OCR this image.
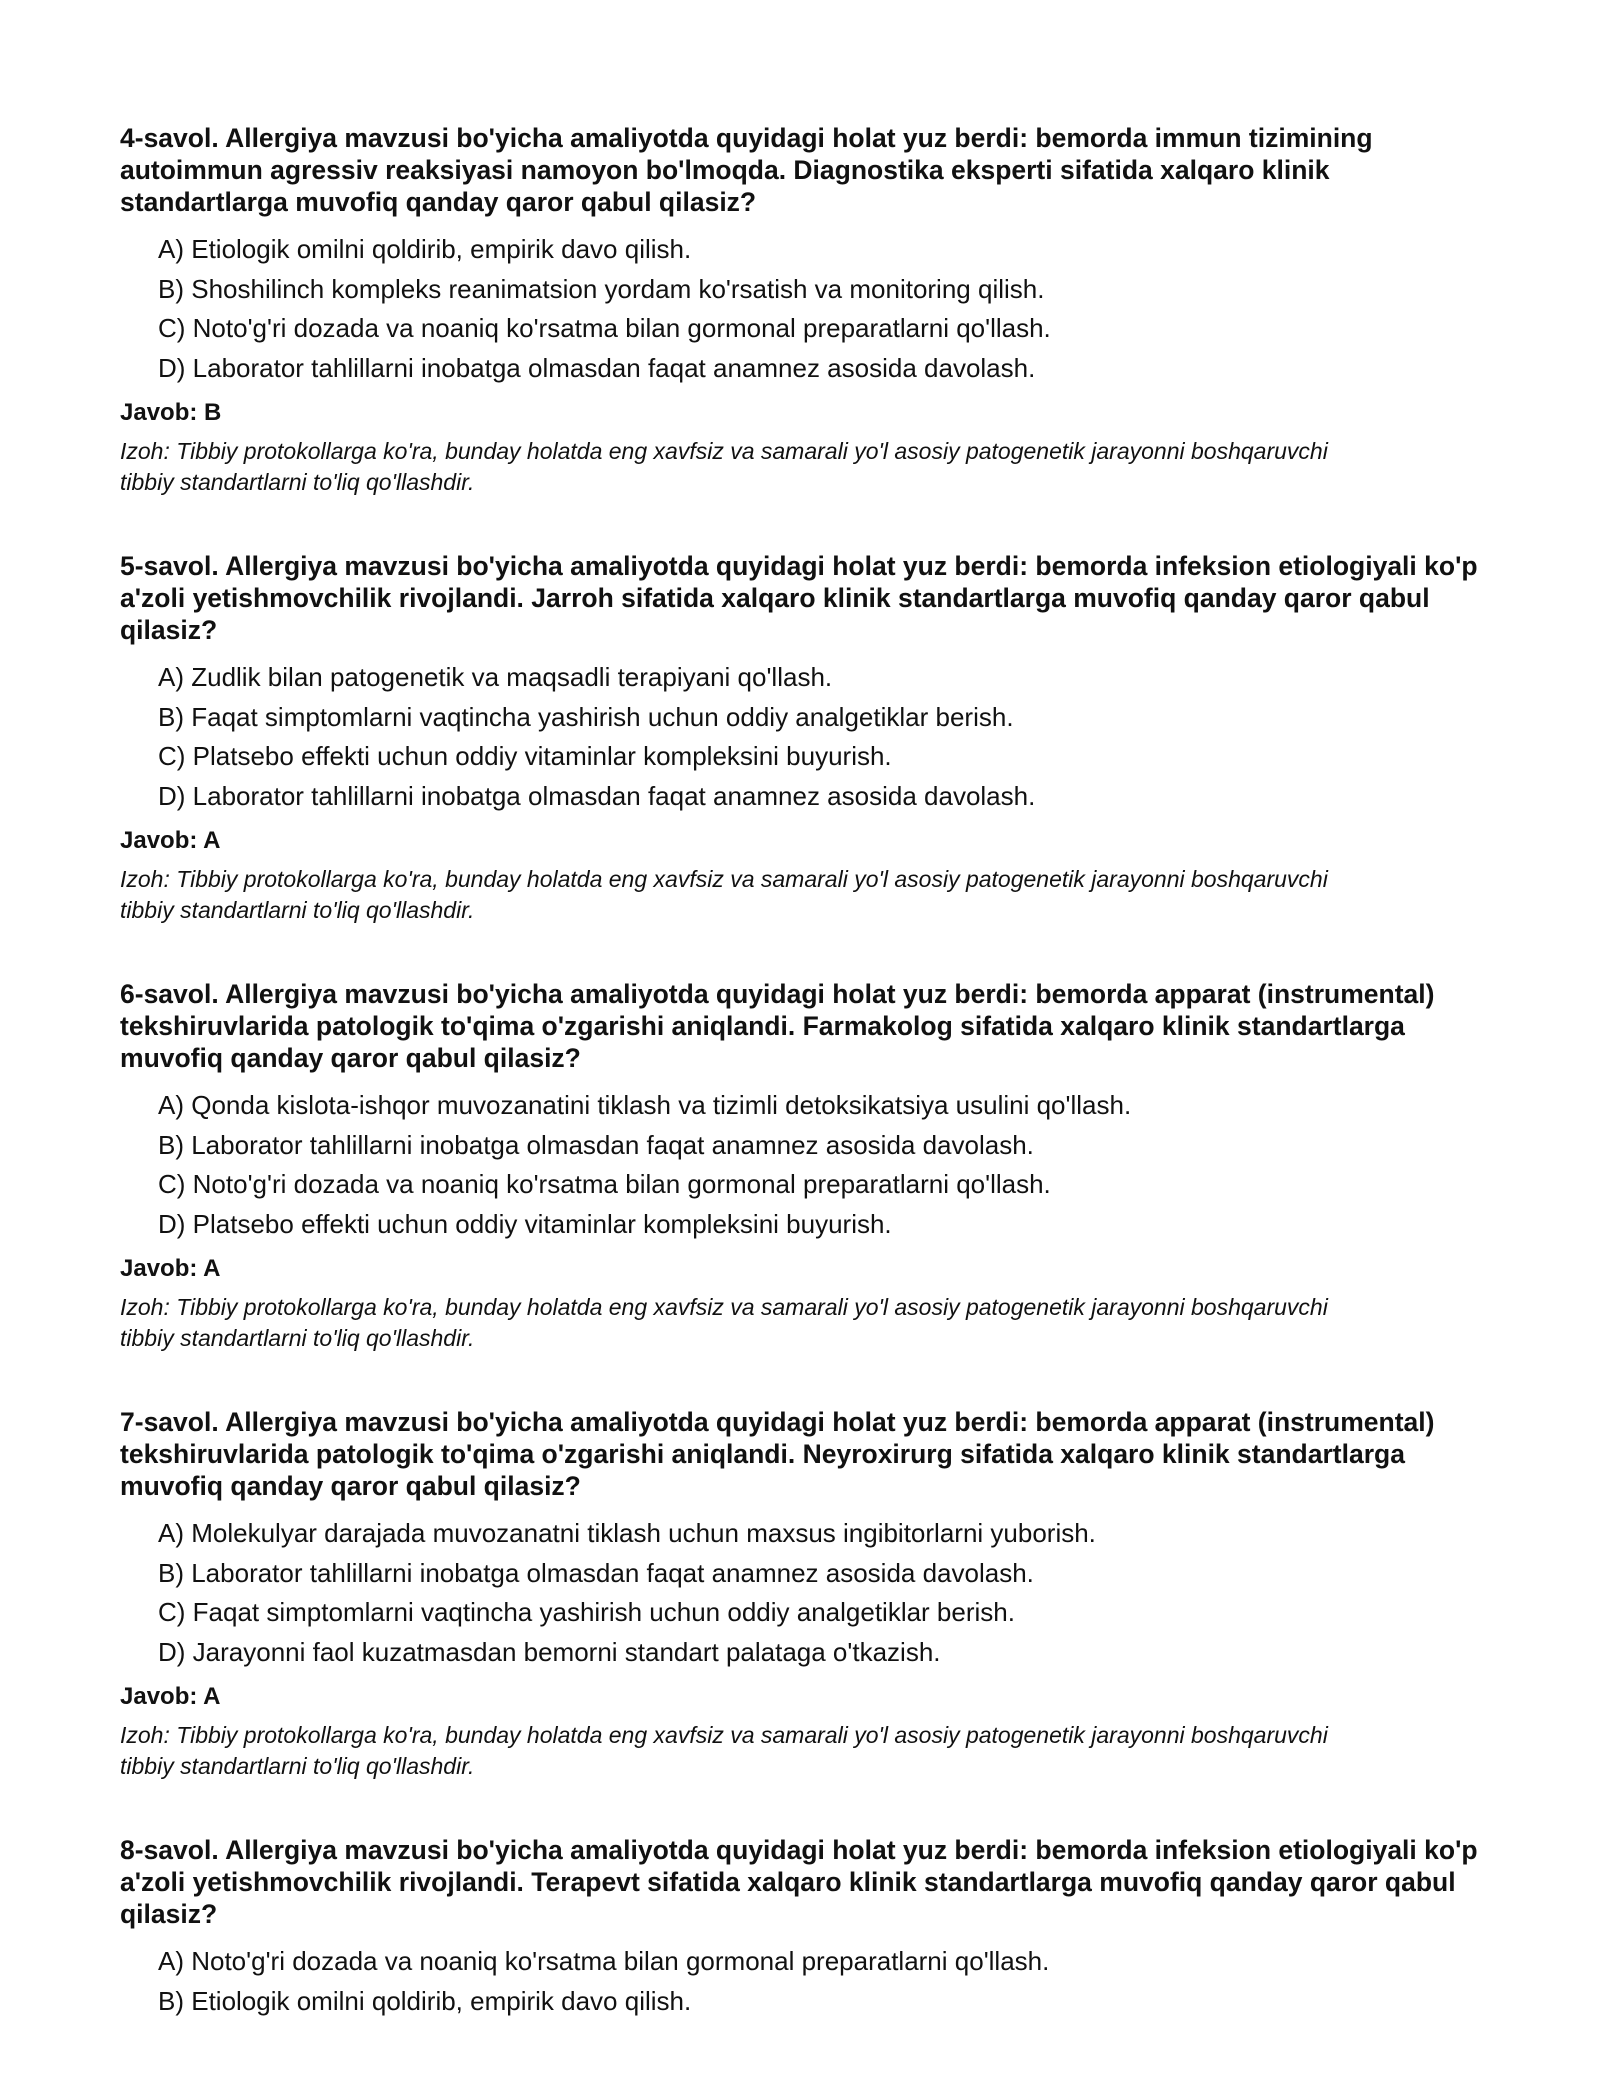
4-savol. Allergiya mavzusi bo'yicha amaliyotda quyidagi holat yuz berdi: bemorda immun tizimining autoimmun agressiv reaksiyasi namoyon bo'lmoqda. Diagnostika eksperti sifatida xalqaro klinik standartlarga muvofiq qanday qaror qabul qilasiz?
A) Etiologik omilni qoldirib, empirik davo qilish.
B) Shoshilinch kompleks reanimatsion yordam ko'rsatish va monitoring qilish.
C) Noto'g'ri dozada va noaniq ko'rsatma bilan gormonal preparatlarni qo'llash.
D) Laborator tahlillarni inobatga olmasdan faqat anamnez asosida davolash.
Javob: B
Izoh: Tibbiy protokollarga ko'ra, bunday holatda eng xavfsiz va samarali yo'l asosiy patogenetik jarayonni boshqaruvchi tibbiy standartlarni to'liq qo'llashdir.
5-savol. Allergiya mavzusi bo'yicha amaliyotda quyidagi holat yuz berdi: bemorda infeksion etiologiyali ko'p a'zoli yetishmovchilik rivojlandi. Jarroh sifatida xalqaro klinik standartlarga muvofiq qanday qaror qabul qilasiz?
A) Zudlik bilan patogenetik va maqsadli terapiyani qo'llash.
B) Faqat simptomlarni vaqtincha yashirish uchun oddiy analgetiklar berish.
C) Platsebo effekti uchun oddiy vitaminlar kompleksini buyurish.
D) Laborator tahlillarni inobatga olmasdan faqat anamnez asosida davolash.
Javob: A
Izoh: Tibbiy protokollarga ko'ra, bunday holatda eng xavfsiz va samarali yo'l asosiy patogenetik jarayonni boshqaruvchi tibbiy standartlarni to'liq qo'llashdir.
6-savol. Allergiya mavzusi bo'yicha amaliyotda quyidagi holat yuz berdi: bemorda apparat (instrumental) tekshiruvlarida patologik to'qima o'zgarishi aniqlandi. Farmakolog sifatida xalqaro klinik standartlarga muvofiq qanday qaror qabul qilasiz?
A) Qonda kislota-ishqor muvozanatini tiklash va tizimli detoksikatsiya usulini qo'llash.
B) Laborator tahlillarni inobatga olmasdan faqat anamnez asosida davolash.
C) Noto'g'ri dozada va noaniq ko'rsatma bilan gormonal preparatlarni qo'llash.
D) Platsebo effekti uchun oddiy vitaminlar kompleksini buyurish.
Javob: A
Izoh: Tibbiy protokollarga ko'ra, bunday holatda eng xavfsiz va samarali yo'l asosiy patogenetik jarayonni boshqaruvchi tibbiy standartlarni to'liq qo'llashdir.
7-savol. Allergiya mavzusi bo'yicha amaliyotda quyidagi holat yuz berdi: bemorda apparat (instrumental) tekshiruvlarida patologik to'qima o'zgarishi aniqlandi. Neyroxirurg sifatida xalqaro klinik standartlarga muvofiq qanday qaror qabul qilasiz?
A) Molekulyar darajada muvozanatni tiklash uchun maxsus ingibitorlarni yuborish.
B) Laborator tahlillarni inobatga olmasdan faqat anamnez asosida davolash.
C) Faqat simptomlarni vaqtincha yashirish uchun oddiy analgetiklar berish.
D) Jarayonni faol kuzatmasdan bemorni standart palataga o'tkazish.
Javob: A
Izoh: Tibbiy protokollarga ko'ra, bunday holatda eng xavfsiz va samarali yo'l asosiy patogenetik jarayonni boshqaruvchi tibbiy standartlarni to'liq qo'llashdir.
8-savol. Allergiya mavzusi bo'yicha amaliyotda quyidagi holat yuz berdi: bemorda infeksion etiologiyali ko'p a'zoli yetishmovchilik rivojlandi. Terapevt sifatida xalqaro klinik standartlarga muvofiq qanday qaror qabul qilasiz?
A) Noto'g'ri dozada va noaniq ko'rsatma bilan gormonal preparatlarni qo'llash.
B) Etiologik omilni qoldirib, empirik davo qilish.
